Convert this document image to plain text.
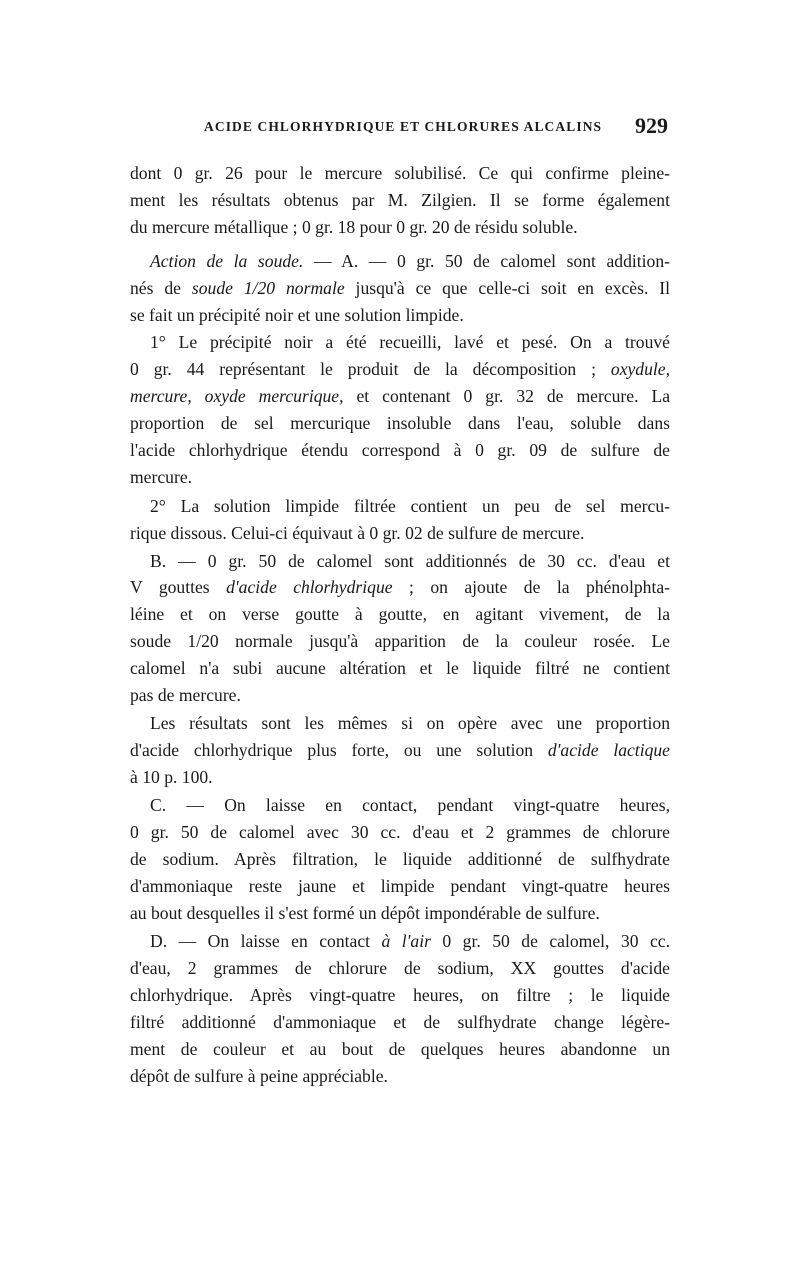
ACIDE CHLORHYDRIQUE ET CHLORURES ALCALINS 929
dont 0 gr. 26 pour le mercure solubilisé. Ce qui confirme pleine-
ment les résultats obtenus par M. Zilgien. Il se forme également
du mercure métallique ; 0 gr. 18 pour 0 gr. 20 de résidu soluble.
Action de la soude. — A. — 0 gr. 50 de calomel sont addition-
nés de soude 1/20 normale jusqu'à ce que celle-ci soit en excès. Il
se fait un précipité noir et une solution limpide.
1° Le précipité noir a été recueilli, lavé et pesé. On a trouvé
0 gr. 44 représentant le produit de la décomposition ; oxydule,
mercure, oxyde mercurique, et contenant 0 gr. 32 de mercure. La
proportion de sel mercurique insoluble dans l'eau, soluble dans
l'acide chlorhydrique étendu correspond à 0 gr. 09 de sulfure de
mercure.
2° La solution limpide filtrée contient un peu de sel mercu-
rique dissous. Celui-ci équivaut à 0 gr. 02 de sulfure de mercure.
B. — 0 gr. 50 de calomel sont additionnés de 30 cc. d'eau et
V gouttes d'acide chlorhydrique ; on ajoute de la phénolphta-
léine et on verse goutte à goutte, en agitant vivement, de la
soude 1/20 normale jusqu'à apparition de la couleur rosée. Le
calomel n'a subi aucune altération et le liquide filtré ne contient
pas de mercure.
Les résultats sont les mêmes si on opère avec une proportion
d'acide chlorhydrique plus forte, ou une solution d'acide lactique
à 10 p. 100.
C. — On laisse en contact, pendant vingt-quatre heures,
0 gr. 50 de calomel avec 30 cc. d'eau et 2 grammes de chlorure
de sodium. Après filtration, le liquide additionné de sulfhydrate
d'ammoniaque reste jaune et limpide pendant vingt-quatre heures
au bout desquelles il s'est formé un dépôt impondérable de sulfure.
D. — On laisse en contact à l'air 0 gr. 50 de calomel, 30 cc.
d'eau, 2 grammes de chlorure de sodium, XX gouttes d'acide
chlorhydrique. Après vingt-quatre heures, on filtre ; le liquide
filtré additionné d'ammoniaque et de sulfhydrate change légère-
ment de couleur et au bout de quelques heures abandonne un
dépôt de sulfure à peine appréciable.
